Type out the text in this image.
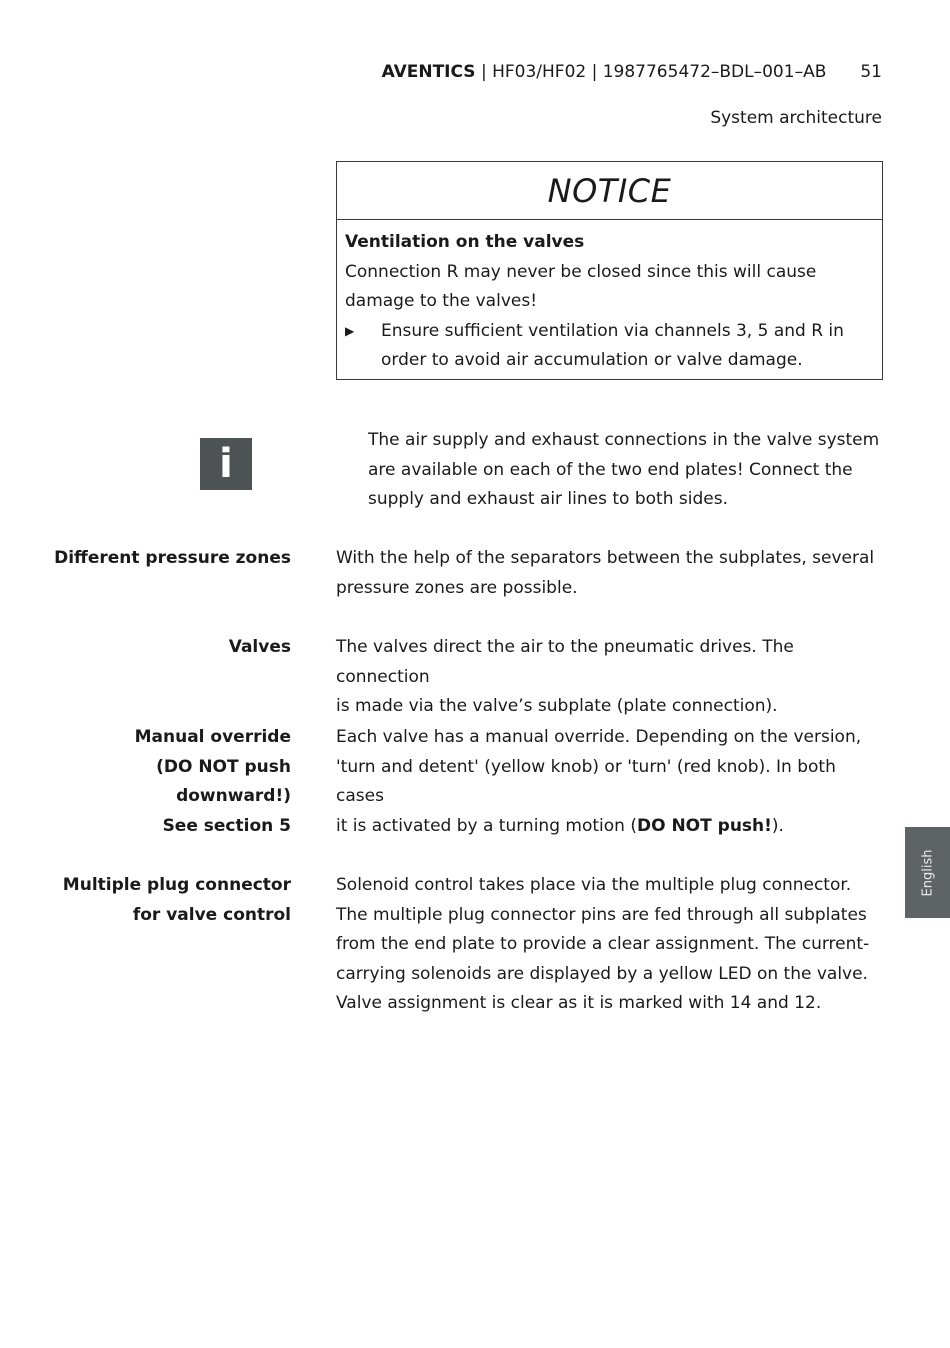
AVENTICS | HF03/HF02 | 1987765472–BDL–001–AB 51
System architecture
NOTICE
Ventilation on the valves
Connection R may never be closed since this will cause
damage to the valves!
▶ Ensure sufficient ventilation via channels 3, 5 and R in
order to avoid air accumulation or valve damage.
i
The air supply and exhaust connections in the valve system
are available on each of the two end plates! Connect the
supply and exhaust air lines to both sides.
Different pressure zones	With the help of the separators between the subplates, several
pressure zones are possible.
Valves	The valves direct the air to the pneumatic drives. The connection
is made via the valve’s subplate (plate connection).
Manual override
(DO NOT push
downward!)
See section 5
Each valve has a manual override. Depending on the version,
'turn and detent' (yellow knob) or 'turn' (red knob). In both cases
it is activated by a turning motion (DO NOT push!).
Multiple plug connector
for valve control
Solenoid control takes place via the multiple plug connector.
The multiple plug connector pins are fed through all subplates
from the end plate to provide a clear assignment. The current-
carrying solenoids are displayed by a yellow LED on the valve.
Valve assignment is clear as it is marked with 14 and 12.
English
